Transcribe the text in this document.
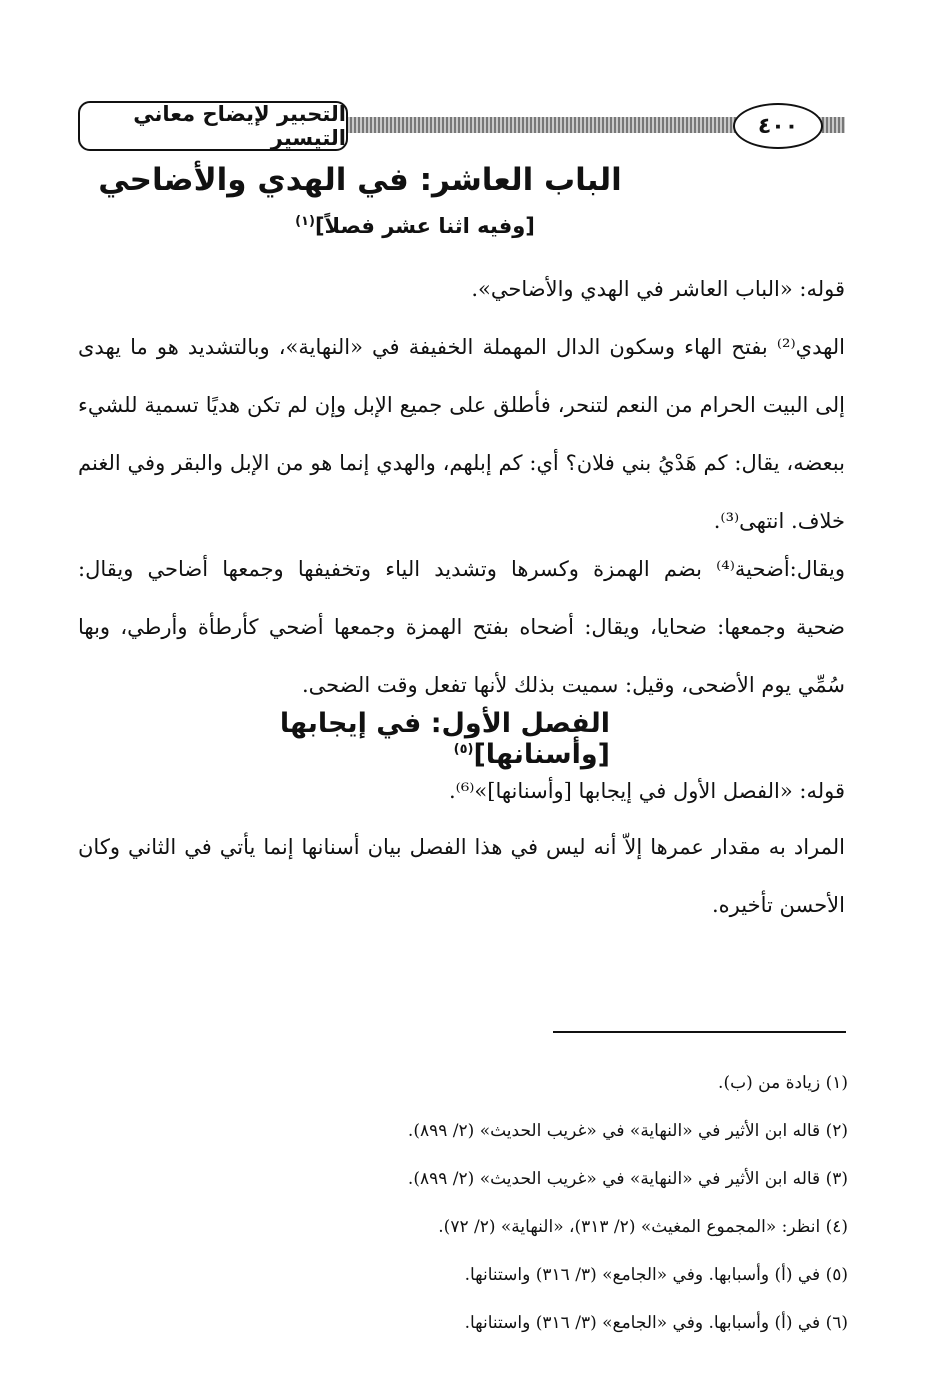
التحبير لإيضاح معاني التيسير	٤٠٠
الباب العاشر: في الهدي والأضاحي
[وفيه اثنا عشر فصلاً]$^{(١)}$
قوله: «الباب العاشر في الهدي والأضاحي».
الهدي⁽²⁾ بفتح الهاء وسكون الدال المهملة الخفيفة في «النهاية»، وبالتشديد هو ما يهدى
إلى البيت الحرام من النعم لتنحر، فأطلق على جميع الإبل وإن لم تكن هديًا تسمية للشيء
ببعضه، يقال: كم هَدْيُ بني فلان؟ أي: كم إبلهم، والهدي إنما هو من الإبل والبقر وفي الغنم
خلاف. انتهى⁽³⁾.
ويقال:أضحية⁽⁴⁾ بضم الهمزة وكسرها وتشديد الياء وتخفيفها وجمعها أضاحي ويقال:
ضحية وجمعها: ضحايا، ويقال: أضحاه بفتح الهمزة وجمعها أضحي كأرطأة وأرطي، وبها
سُمِّي يوم الأضحى، وقيل: سميت بذلك لأنها تفعل وقت الضحى.
الفصل الأول: في إيجابها [وأسنانها]$^{(٥)}$
قوله: «الفصل الأول في إيجابها [وأسنانها]»⁽⁶⁾.
المراد به مقدار عمرها إلاّ أنه ليس في هذا الفصل بيان أسنانها إنما يأتي في الثاني وكان
الأحسن تأخيره.
(١) زيادة من (ب).
(٢) قاله ابن الأثير في «النهاية» في «غريب الحديث» (٢/ ٨٩٩).
(٣) قاله ابن الأثير في «النهاية» في «غريب الحديث» (٢/ ٨٩٩).
(٤) انظر: «المجموع المغيث» (٢/ ٣١٣)، «النهاية» (٢/ ٧٢).
(٥) في (أ) وأسبابها. وفي «الجامع» (٣/ ٣١٦) واستنانها.
(٦) في (أ) وأسبابها. وفي «الجامع» (٣/ ٣١٦) واستنانها.
